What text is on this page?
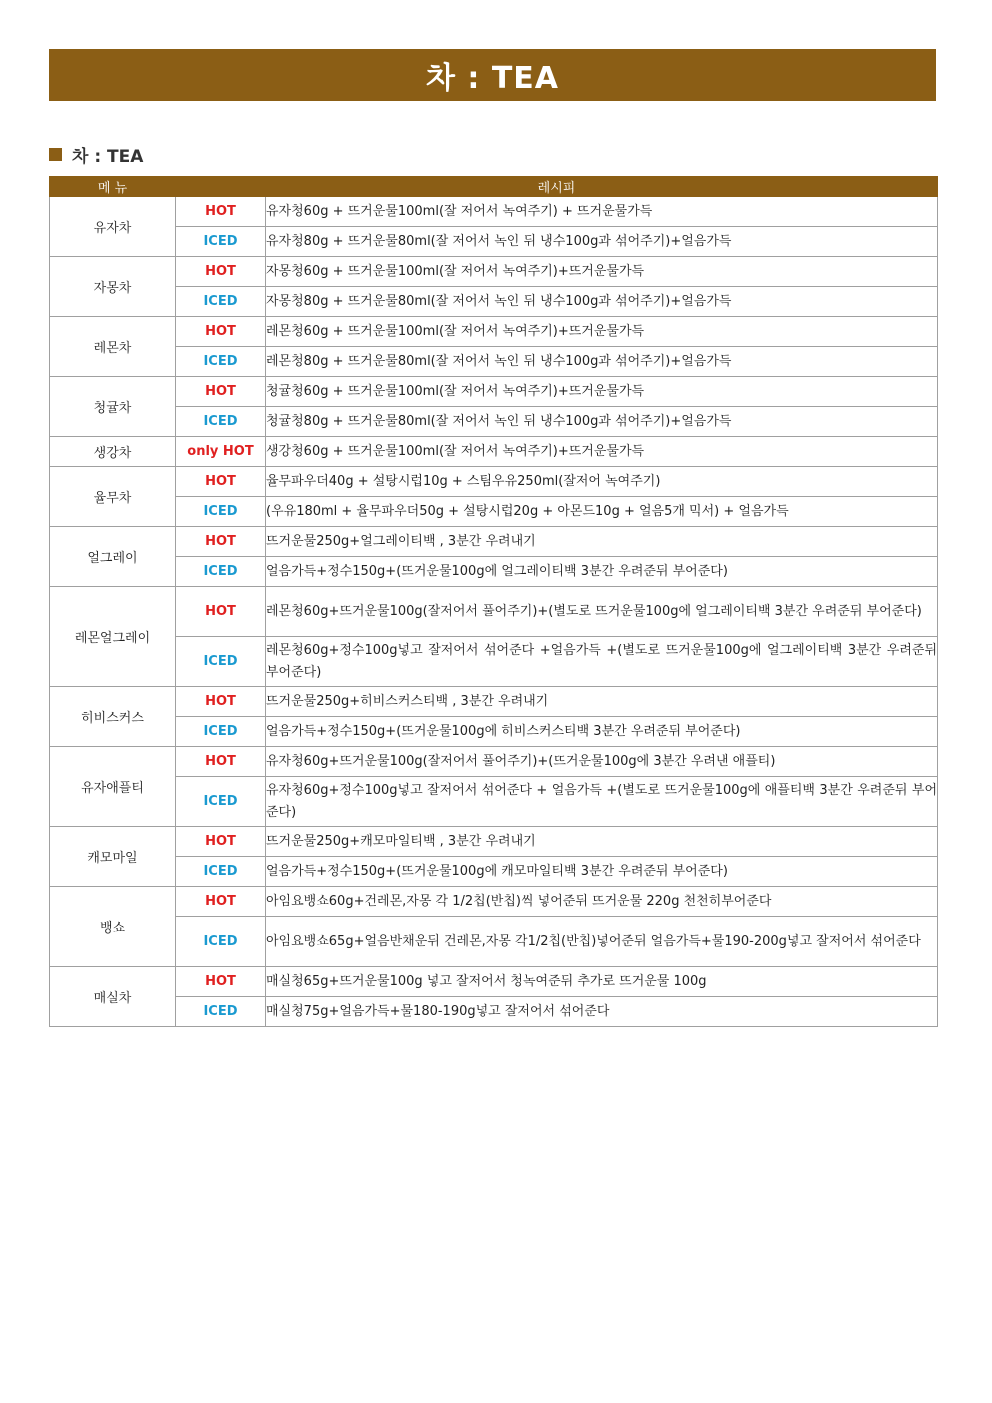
차 : TEA
차 : TEA
메 뉴	레시피	
유자차	HOT	유자청60g + 뜨거운물100ml(잘 저어서 녹여주기) + 뜨거운물가득
	ICED	유자청80g + 뜨거운물80ml(잘 저어서 녹인 뒤 냉수100g과 섞어주기)+얼음가득
자몽차	HOT	자몽청60g + 뜨거운물100ml(잘 저어서 녹여주기)+뜨거운물가득
	ICED	자몽청80g + 뜨거운물80ml(잘 저어서 녹인 뒤 냉수100g과 섞어주기)+얼음가득
레몬차	HOT	레몬청60g + 뜨거운물100ml(잘 저어서 녹여주기)+뜨거운물가득
	ICED	레몬청80g + 뜨거운물80ml(잘 저어서 녹인 뒤 냉수100g과 섞어주기)+얼음가득
청귤차	HOT	청귤청60g + 뜨거운물100ml(잘 저어서 녹여주기)+뜨거운물가득
	ICED	청귤청80g + 뜨거운물80ml(잘 저어서 녹인 뒤 냉수100g과 섞어주기)+얼음가득
생강차	only HOT	생강청60g + 뜨거운물100ml(잘 저어서 녹여주기)+뜨거운물가득
율무차	HOT	율무파우더40g + 설탕시럽10g + 스팀우유250ml(잘저어 녹여주기)
	ICED	(우유180ml + 율무파우더50g + 설탕시럽20g + 아몬드10g + 얼음5개 믹서) + 얼음가득
얼그레이	HOT	뜨거운물250g+얼그레이티백 , 3분간 우려내기
	ICED	얼음가득+정수150g+(뜨거운물100g에 얼그레이티백 3분간 우려준뒤 부어준다)
레몬얼그레이	HOT	레몬청60g+뜨거운물100g(잘저어서 풀어주기)+(별도로 뜨거운물100g에 얼그레이티백 3분간 우려준뒤 부어준다)
	ICED	레몬청60g+정수100g넣고 잘저어서 섞어준다 +얼음가득 +(별도로 뜨거운물100g에 얼그레이티백 3분간 우려준뒤 부어준다)
히비스커스	HOT	뜨거운물250g+히비스커스티백 , 3분간 우려내기
	ICED	얼음가득+정수150g+(뜨거운물100g에 히비스커스티백 3분간 우려준뒤 부어준다)
유자애플티	HOT	유자청60g+뜨거운물100g(잘저어서 풀어주기)+(뜨거운물100g에 3분간 우려낸 애플티)
	ICED	유자청60g+정수100g넣고 잘저어서 섞어준다 + 얼음가득 +(별도로 뜨거운물100g에 애플티백 3분간 우려준뒤 부어준다)
캐모마일	HOT	뜨거운물250g+캐모마일티백 , 3분간 우려내기
	ICED	얼음가득+정수150g+(뜨거운물100g에 캐모마일티백 3분간 우려준뒤 부어준다)
뱅쇼	HOT	아임요뱅쇼60g+건레몬,자몽 각 1/2칩(반칩)씩 넣어준뒤 뜨거운물 220g 천천히부어준다
	ICED	아임요뱅쇼65g+얼음반채운뒤 건레몬,자몽 각1/2칩(반칩)넣어준뒤 얼음가득+물190-200g넣고 잘저어서 섞어준다
매실차	HOT	매실청65g+뜨거운물100g 넣고 잘저어서 청녹여준뒤 추가로 뜨거운물 100g
	ICED	매실청75g+얼음가득+물180-190g넣고 잘저어서 섞어준다
